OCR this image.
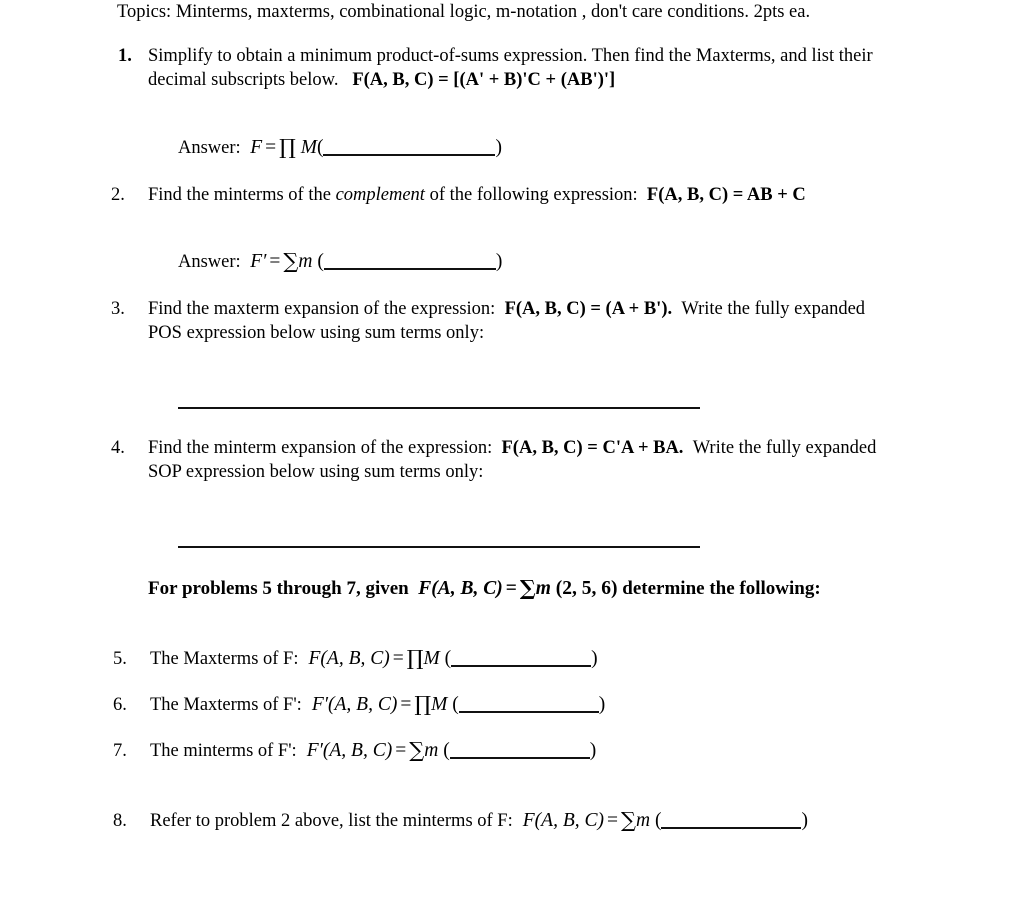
Topics: Minterms, maxterms, combinational logic, m-notation , don't care conditions. 2pts ea.
1. Simplify to obtain a minimum product-of-sums expression. Then find the Maxterms, and list their decimal subscripts below. F(A, B, C) = [(A' + B)'C + (AB')']
Answer: F = ∏ M(	)
2. Find the minterms of the complement of the following expression: F(A, B, C) = AB + C
Answer: F′ = ∑m (	)
3. Find the maxterm expansion of the expression: F(A, B, C) = (A + B'). Write the fully expanded POS expression below using sum terms only:
4. Find the minterm expansion of the expression: F(A, B, C) = C'A + BA. Write the fully expanded SOP expression below using sum terms only:
For problems 5 through 7, given F(A, B, C) = ∑m (2, 5, 6) determine the following:
5. The Maxterms of F: F(A, B, C) = ∏M (	)
6. The Maxterms of F': F′(A, B, C) = ∏M (	)
7. The minterms of F': F′(A, B, C) = ∑m (	)
8. Refer to problem 2 above, list the minterms of F: F(A, B, C) = ∑m (	)
